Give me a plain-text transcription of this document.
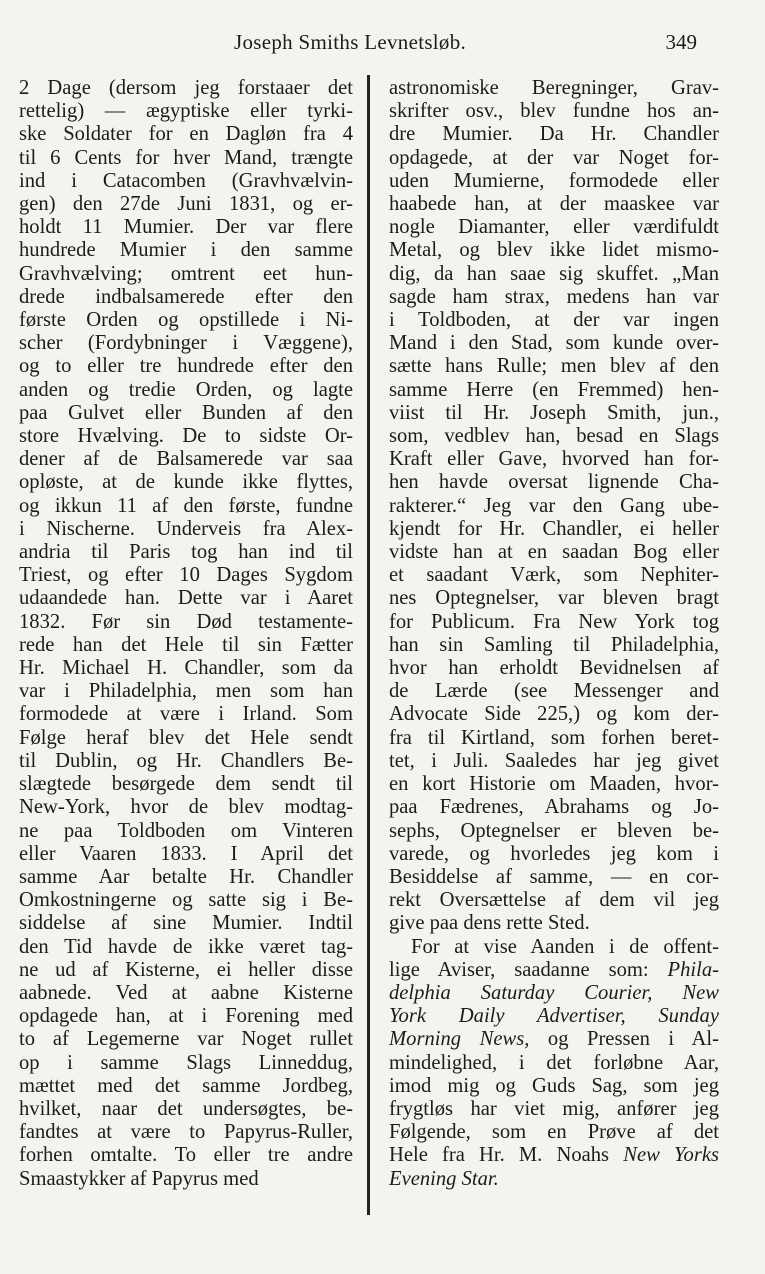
Joseph Smiths Levnetsløb.	349
2 Dage (dersom jeg forstaaer det
rettelig) — ægyptiske eller tyrki-
ske Soldater for en Dagløn fra 4
til 6 Cents for hver Mand, trængte
ind i Catacomben (Gravhvælvin-
gen) den 27de Juni 1831, og er-
holdt 11 Mumier. Der var flere
hundrede Mumier i den samme
Gravhvælving; omtrent eet hun-
drede indbalsamerede efter den
første Orden og opstillede i Ni-
scher (Fordybninger i Væggene),
og to eller tre hundrede efter den
anden og tredie Orden, og lagte
paa Gulvet eller Bunden af den
store Hvælving. De to sidste Or-
dener af de Balsamerede var saa
opløste, at de kunde ikke flyttes,
og ikkun 11 af den første, fundne
i Nischerne. Underveis fra Alex-
andria til Paris tog han ind til
Triest, og efter 10 Dages Sygdom
udaandede han. Dette var i Aaret
1832. Før sin Død testamente-
rede han det Hele til sin Fætter
Hr. Michael H. Chandler, som da
var i Philadelphia, men som han
formodede at være i Irland. Som
Følge heraf blev det Hele sendt
til Dublin, og Hr. Chandlers Be-
slægtede besørgede dem sendt til
New-York, hvor de blev modtag-
ne paa Toldboden om Vinteren
eller Vaaren 1833. I April det
samme Aar betalte Hr. Chandler
Omkostningerne og satte sig i Be-
siddelse af sine Mumier. Indtil
den Tid havde de ikke været tag-
ne ud af Kisterne, ei heller disse
aabnede. Ved at aabne Kisterne
opdagede han, at i Forening med
to af Legemerne var Noget rullet
op i samme Slags Linneddug,
mættet med det samme Jordbeg,
hvilket, naar det undersøgtes, be-
fandtes at være to Papyrus-Ruller,
forhen omtalte. To eller tre andre
Smaastykker af Papyrus med
astronomiske Beregninger, Grav-
skrifter osv., blev fundne hos an-
dre Mumier. Da Hr. Chandler
opdagede, at der var Noget for-
uden Mumierne, formodede eller
haabede han, at der maaskee var
nogle Diamanter, eller værdifuldt
Metal, og blev ikke lidet mismo-
dig, da han saae sig skuffet. „Man
sagde ham strax, medens han var
i Toldboden, at der var ingen
Mand i den Stad, som kunde over-
sætte hans Rulle; men blev af den
samme Herre (en Fremmed) hen-
viist til Hr. Joseph Smith, jun.,
som, vedblev han, besad en Slags
Kraft eller Gave, hvorved han for-
hen havde oversat lignende Cha-
rakterer.“ Jeg var den Gang ube-
kjendt for Hr. Chandler, ei heller
vidste han at en saadan Bog eller
et saadant Værk, som Nephiter-
nes Optegnelser, var bleven bragt
for Publicum. Fra New York tog
han sin Samling til Philadelphia,
hvor han erholdt Bevidnelsen af
de Lærde (see Messenger and
Advocate Side 225,) og kom der-
fra til Kirtland, som forhen beret-
tet, i Juli. Saaledes har jeg givet
en kort Historie om Maaden, hvor-
paa Fædrenes, Abrahams og Jo-
sephs, Optegnelser er bleven be-
varede, og hvorledes jeg kom i
Besiddelse af samme, — en cor-
rekt Oversættelse af dem vil jeg
give paa dens rette Sted.
For at vise Aanden i de offent-
lige Aviser, saadanne som: Phila-
delphia Saturday Courier, New
York Daily Advertiser, Sunday
Morning News, og Pressen i Al-
mindelighed, i det forløbne Aar,
imod mig og Guds Sag, som jeg
frygtløs har viet mig, anfører jeg
Følgende, som en Prøve af det
Hele fra Hr. M. Noahs New Yorks
Evening Star.
